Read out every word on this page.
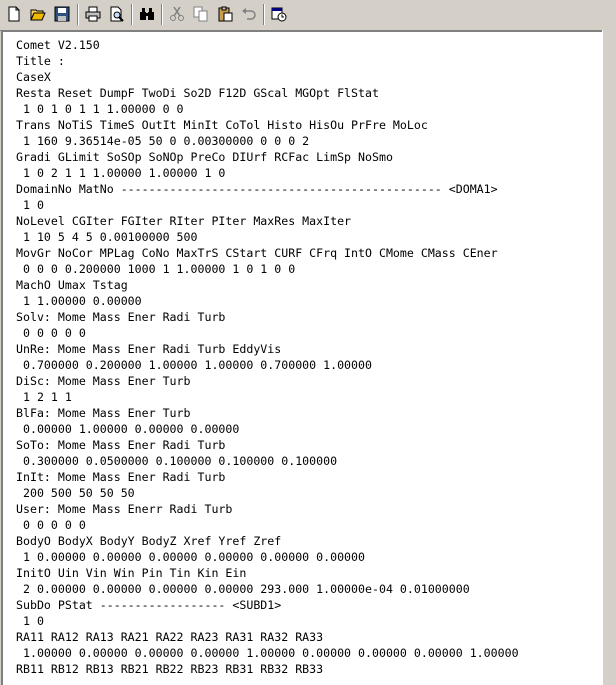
Comet V2.150
Title :
CaseX
Resta Reset DumpF TwoDi So2D F12D GScal MGOpt FlStat
1 0 1 0 1 1 1.00000 0 0
Trans NoTiS TimeS OutIt MinIt CoTol Histo HisOu PrFre MoLoc
1 160 9.36514e-05 50 0 0.00300000 0 0 0 2
Gradi GLimit SoSOp SoNOp PreCo DIUrf RCFac LimSp NoSmo
1 0 2 1 1 1.00000 1.00000 1 0
DomainNo MatNo ---------------------------------------------- <DOMA1>
1 0
NoLevel CGIter FGIter RIter PIter MaxRes MaxIter
1 10 5 4 5 0.00100000 500
MovGr NoCor MPLag CoNo MaxTrS CStart CURF CFrq IntO CMome CMass CEner
0 0 0 0.200000 1000 1 1.00000 1 0 1 0 0
MachO Umax Tstag
1 1.00000 0.00000
Solv: Mome Mass Ener Radi Turb
0 0 0 0 0
UnRe: Mome Mass Ener Radi Turb EddyVis
0.700000 0.200000 1.00000 1.00000 0.700000 1.00000
DiSc: Mome Mass Ener Turb
1 2 1 1
BlFa: Mome Mass Ener Turb
0.00000 1.00000 0.00000 0.00000
SoTo: Mome Mass Ener Radi Turb
0.300000 0.0500000 0.100000 0.100000 0.100000
InIt: Mome Mass Ener Radi Turb
200 500 50 50 50
User: Mome Mass Enerr Radi Turb
0 0 0 0 0
BodyO BodyX BodyY BodyZ Xref Yref Zref
1 0.00000 0.00000 0.00000 0.00000 0.00000 0.00000
InitO Uin Vin Win Pin Tin Kin Ein
2 0.00000 0.00000 0.00000 0.00000 293.000 1.00000e-04 0.01000000
SubDo PStat ------------------ <SUBD1>
1 0
RA11 RA12 RA13 RA21 RA22 RA23 RA31 RA32 RA33
1.00000 0.00000 0.00000 0.00000 1.00000 0.00000 0.00000 0.00000 1.00000
RB11 RB12 RB13 RB21 RB22 RB23 RB31 RB32 RB33
